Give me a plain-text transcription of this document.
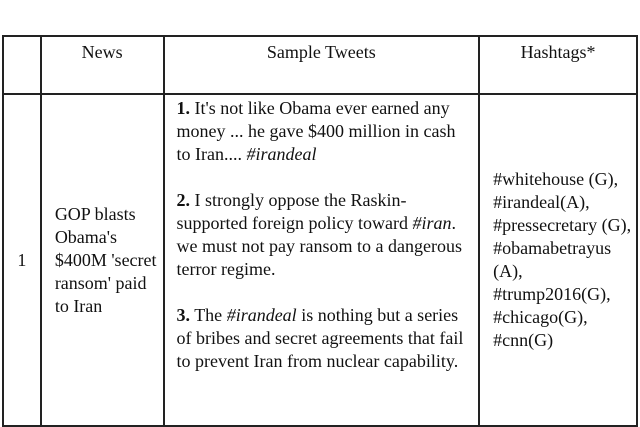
	News	Sample Tweets	Hashtags*
1	GOP blasts Obama's $400M 'secret ransom' paid to Iran	1. It's not like Obama ever earned any money ... he gave $400 million in cash to Iran.... #irandeal
2. I strongly oppose the Raskin-supported foreign policy toward #iran. we must not pay ransom to a dangerous terror regime.
3. The #irandeal is nothing but a series of bribes and secret agreements that fail to prevent Iran from nuclear capability.	#whitehouse (G), #irandeal(A), #pressecretary (G), #obamabetrayus (A), #trump2016(G), #chicago(G), #cnn(G)
